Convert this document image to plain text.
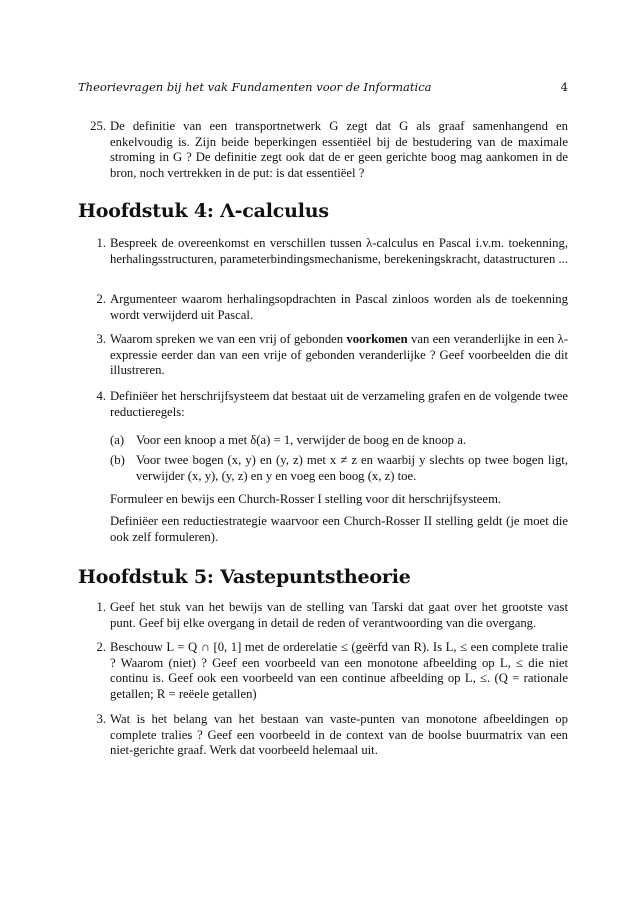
Theorievragen bij het vak Fundamenten voor de Informatica	4
25. De definitie van een transportnetwerk G zegt dat G als graaf samenhangend en enkelvoudig is. Zijn beide beperkingen essentiëel bij de bestudering van de maximale stroming in G ? De definitie zegt ook dat de er geen gerichte boog mag aankomen in de bron, noch vertrekken in de put: is dat essentiëel ?
Hoofdstuk 4: Λ-calculus
1. Bespreek de overeenkomst en verschillen tussen λ-calculus en Pascal i.v.m. toekenning, herhalingsstructuren, parameterbindingsmechanisme, berekeningskracht, datastructuren ...
2. Argumenteer waarom herhalingsopdrachten in Pascal zinloos worden als de toekenning wordt verwijderd uit Pascal.
3. Waarom spreken we van een vrij of gebonden voorkomen van een veranderlijke in een λ-expressie eerder dan van een vrije of gebonden veranderlijke ? Geef voorbeelden die dit illustreren.
4. Definiëer het herschrijfsysteem dat bestaat uit de verzameling grafen en de volgende twee reductieregels:
(a) Voor een knoop a met δ(a) = 1, verwijder de boog en de knoop a.
(b) Voor twee bogen (x, y) en (y, z) met x ≠ z en waarbij y slechts op twee bogen ligt, verwijder (x, y), (y, z) en y en voeg een boog (x, z) toe.
Formuleer en bewijs een Church-Rosser I stelling voor dit herschrijfsysteem.
Definiëer een reductiestrategie waarvoor een Church-Rosser II stelling geldt (je moet die ook zelf formuleren).
Hoofdstuk 5: Vastepuntstheorie
1. Geef het stuk van het bewijs van de stelling van Tarski dat gaat over het grootste vast punt. Geef bij elke overgang in detail de reden of verantwoording van die overgang.
2. Beschouw L = Q ∩ [0, 1] met de orderelatie ≤ (geërfd van R). Is L, ≤ een complete tralie ? Waarom (niet) ? Geef een voorbeeld van een monotone afbeelding op L, ≤ die niet continu is. Geef ook een voorbeeld van een continue afbeelding op L, ≤. (Q = rationale getallen; R = reëele getallen)
3. Wat is het belang van het bestaan van vaste-punten van monotone afbeeldingen op complete tralies ? Geef een voorbeeld in de context van de boolse buurmatrix van een niet-gerichte graaf. Werk dat voorbeeld helemaal uit.
